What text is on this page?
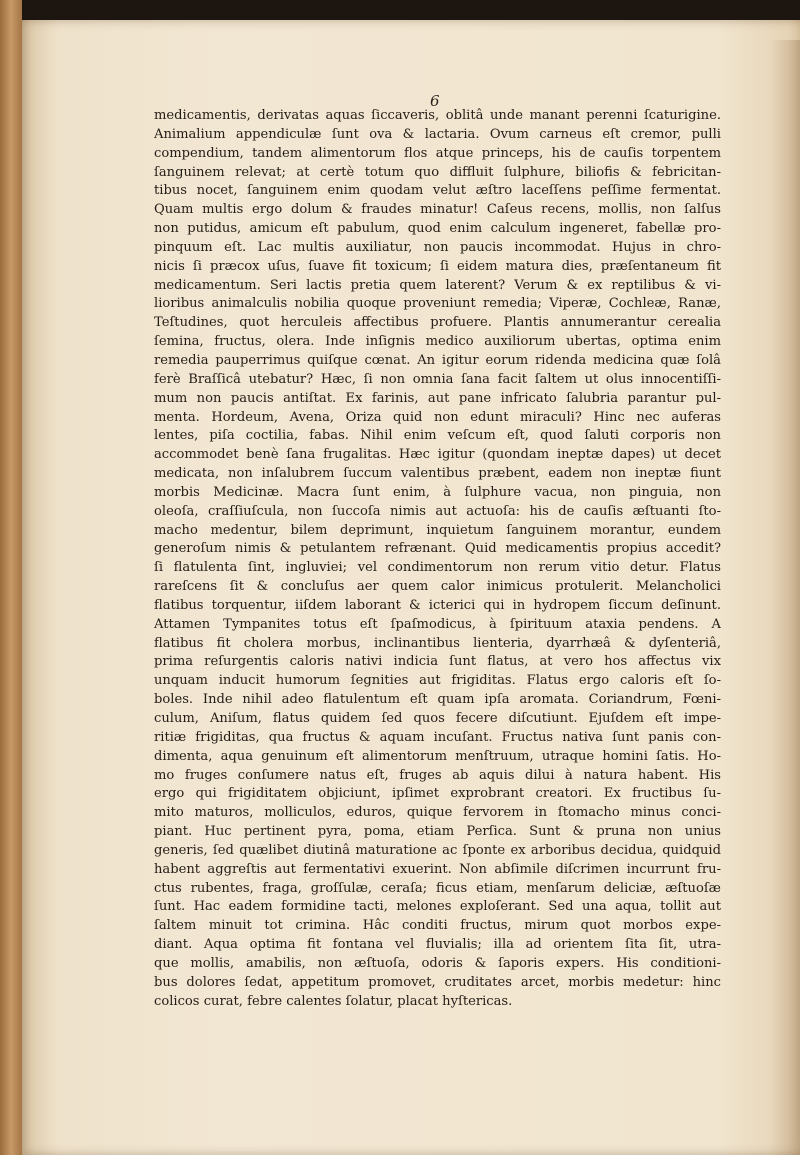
6
medicamentis, derivatas aquas ſiccaveris, oblitâ unde manant perenni ſcaturigine.
Animalium appendiculæ ſunt ova & lactaria. Ovum carneus eſt cremor, pulli
compendium, tandem alimentorum flos atque princeps, his de cauſis torpentem
ſanguinem relevat; at certè totum quo diffluit ſulphure, biliofis & febricitan-
tibus nocet, ſanguinem enim quodam velut æſtro laceſſens peſſime fermentat.
Quam multis ergo dolum & fraudes minatur! Caſeus recens, mollis, non ſalſus
non putidus, amicum eſt pabulum, quod enim calculum ingeneret, fabellæ pro-
pinquum eſt. Lac multis auxiliatur, non paucis incommodat. Hujus in chro-
nicis ſi præcox uſus, ſuave fit toxicum; ſi eidem matura dies, præſentaneum fit
medicamentum. Seri lactis pretia quem laterent? Verum & ex reptilibus & vi-
lioribus animalculis nobilia quoque proveniunt remedia; Viperæ, Cochleæ, Ranæ,
Teſtudines, quot herculeis affectibus profuere. Plantis annumerantur cerealia
ſemina, fructus, olera. Inde inſignis medico auxiliorum ubertas, optima enim
remedia pauperrimus quiſque cœnat. An igitur eorum ridenda medicina quæ ſolâ
ferè Braſſicâ utebatur? Hæc, ſi non omnia ſana facit ſaltem ut olus innocentiſſi-
mum non paucis antiſtat. Ex farinis, aut pane infricato ſalubria parantur pul-
menta. Hordeum, Avena, Oriza quid non edunt miraculi? Hinc nec auferas
lentes, piſa coctilia, fabas. Nihil enim veſcum eſt, quod ſaluti corporis non
accommodet benè ſana frugalitas. Hæc igitur (quondam ineptæ dapes) ut decet
medicata, non inſalubrem ſuccum valentibus præbent, eadem non ineptæ fiunt
morbis Medicinæ. Macra ſunt enim, à ſulphure vacua, non pinguia, non
oleoſa, craſſiuſcula, non ſuccoſa nimis aut actuoſa: his de cauſis æſtuanti ſto-
macho medentur, bilem deprimunt, inquietum ſanguinem morantur, eundem
generoſum nimis & petulantem refrænant. Quid medicamentis propius accedit?
ſi flatulenta ſint, ingluviei; vel condimentorum non rerum vitio detur. Flatus
rareſcens ſit & concluſus aer quem calor inimicus protulerit. Melancholici
flatibus torquentur, iiſdem laborant & icterici qui in hydropem ſiccum deſinunt.
Attamen Tympanites totus eſt ſpaſmodicus, à ſpirituum ataxia pendens. A
flatibus fit cholera morbus, inclinantibus lienteria, dyarrhæâ & dyſenteriâ,
prima reſurgentis caloris nativi indicia ſunt flatus, at vero hos affectus vix
unquam inducit humorum ſegnities aut frigiditas. Flatus ergo caloris eſt ſo-
boles. Inde nihil adeo flatulentum eſt quam ipſa aromata. Coriandrum, Fœni-
culum, Aniſum, flatus quidem ſed quos fecere diſcutiunt. Ejuſdem eſt impe-
ritiæ frigiditas, qua fructus & aquam incuſant. Fructus nativa ſunt panis con-
dimenta, aqua genuinum eſt alimentorum menſtruum, utraque homini ſatis. Ho-
mo fruges conſumere natus eſt, fruges ab aquis dilui à natura habent. His
ergo qui frigiditatem objiciunt, ipſimet exprobrant creatori. Ex fructibus ſu-
mito maturos, molliculos, eduros, quique fervorem in ſtomacho minus conci-
piant. Huc pertinent pyra, poma, etiam Perſica. Sunt & pruna non unius
generis, ſed quælibet diutinâ maturatione ac ſponte ex arboribus decidua, quidquid
habent aggreſtis aut fermentativi exuerint. Non abſimile diſcrimen incurrunt fru-
ctus rubentes, fraga, groſſulæ, ceraſa; ficus etiam, menſarum deliciæ, æſtuoſæ
ſunt. Hac eadem formidine tacti, melones exploſerant. Sed una aqua, tollit aut
ſaltem minuit tot crimina. Hâc conditi fructus, mirum quot morbos expe-
diant. Aqua optima fit fontana vel fluvialis; illa ad orientem ſita ſit, utra-
que mollis, amabilis, non æſtuoſa, odoris & ſaporis expers. His conditioni-
bus dolores ſedat, appetitum promovet, cruditates arcet, morbis medetur: hinc
colicos curat, febre calentes ſolatur, placat hyſtericas.
